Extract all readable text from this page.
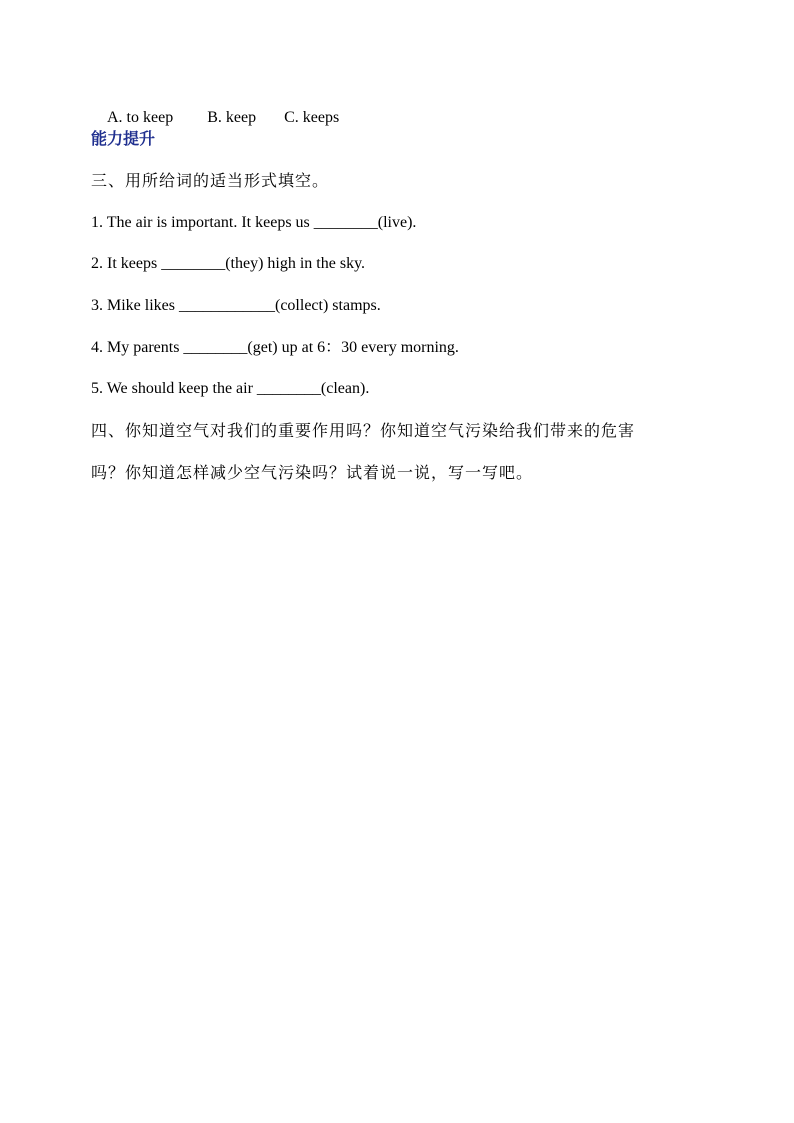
A. to keep B. keep C. keeps

能力提升
三、用所给词的适当形式填空。
1. The air is important. It keeps us ________(live).
2. It keeps ________(they) high in the sky.
3. Mike likes ____________(collect) stamps.
4. My parents ________(get) up at 6：30 every morning.
5. We should keep the air ________(clean).
四、你知道空气对我们的重要作用吗？你知道空气污染给我们带来的危害
吗？你知道怎样减少空气污染吗？试着说一说，写一写吧。
